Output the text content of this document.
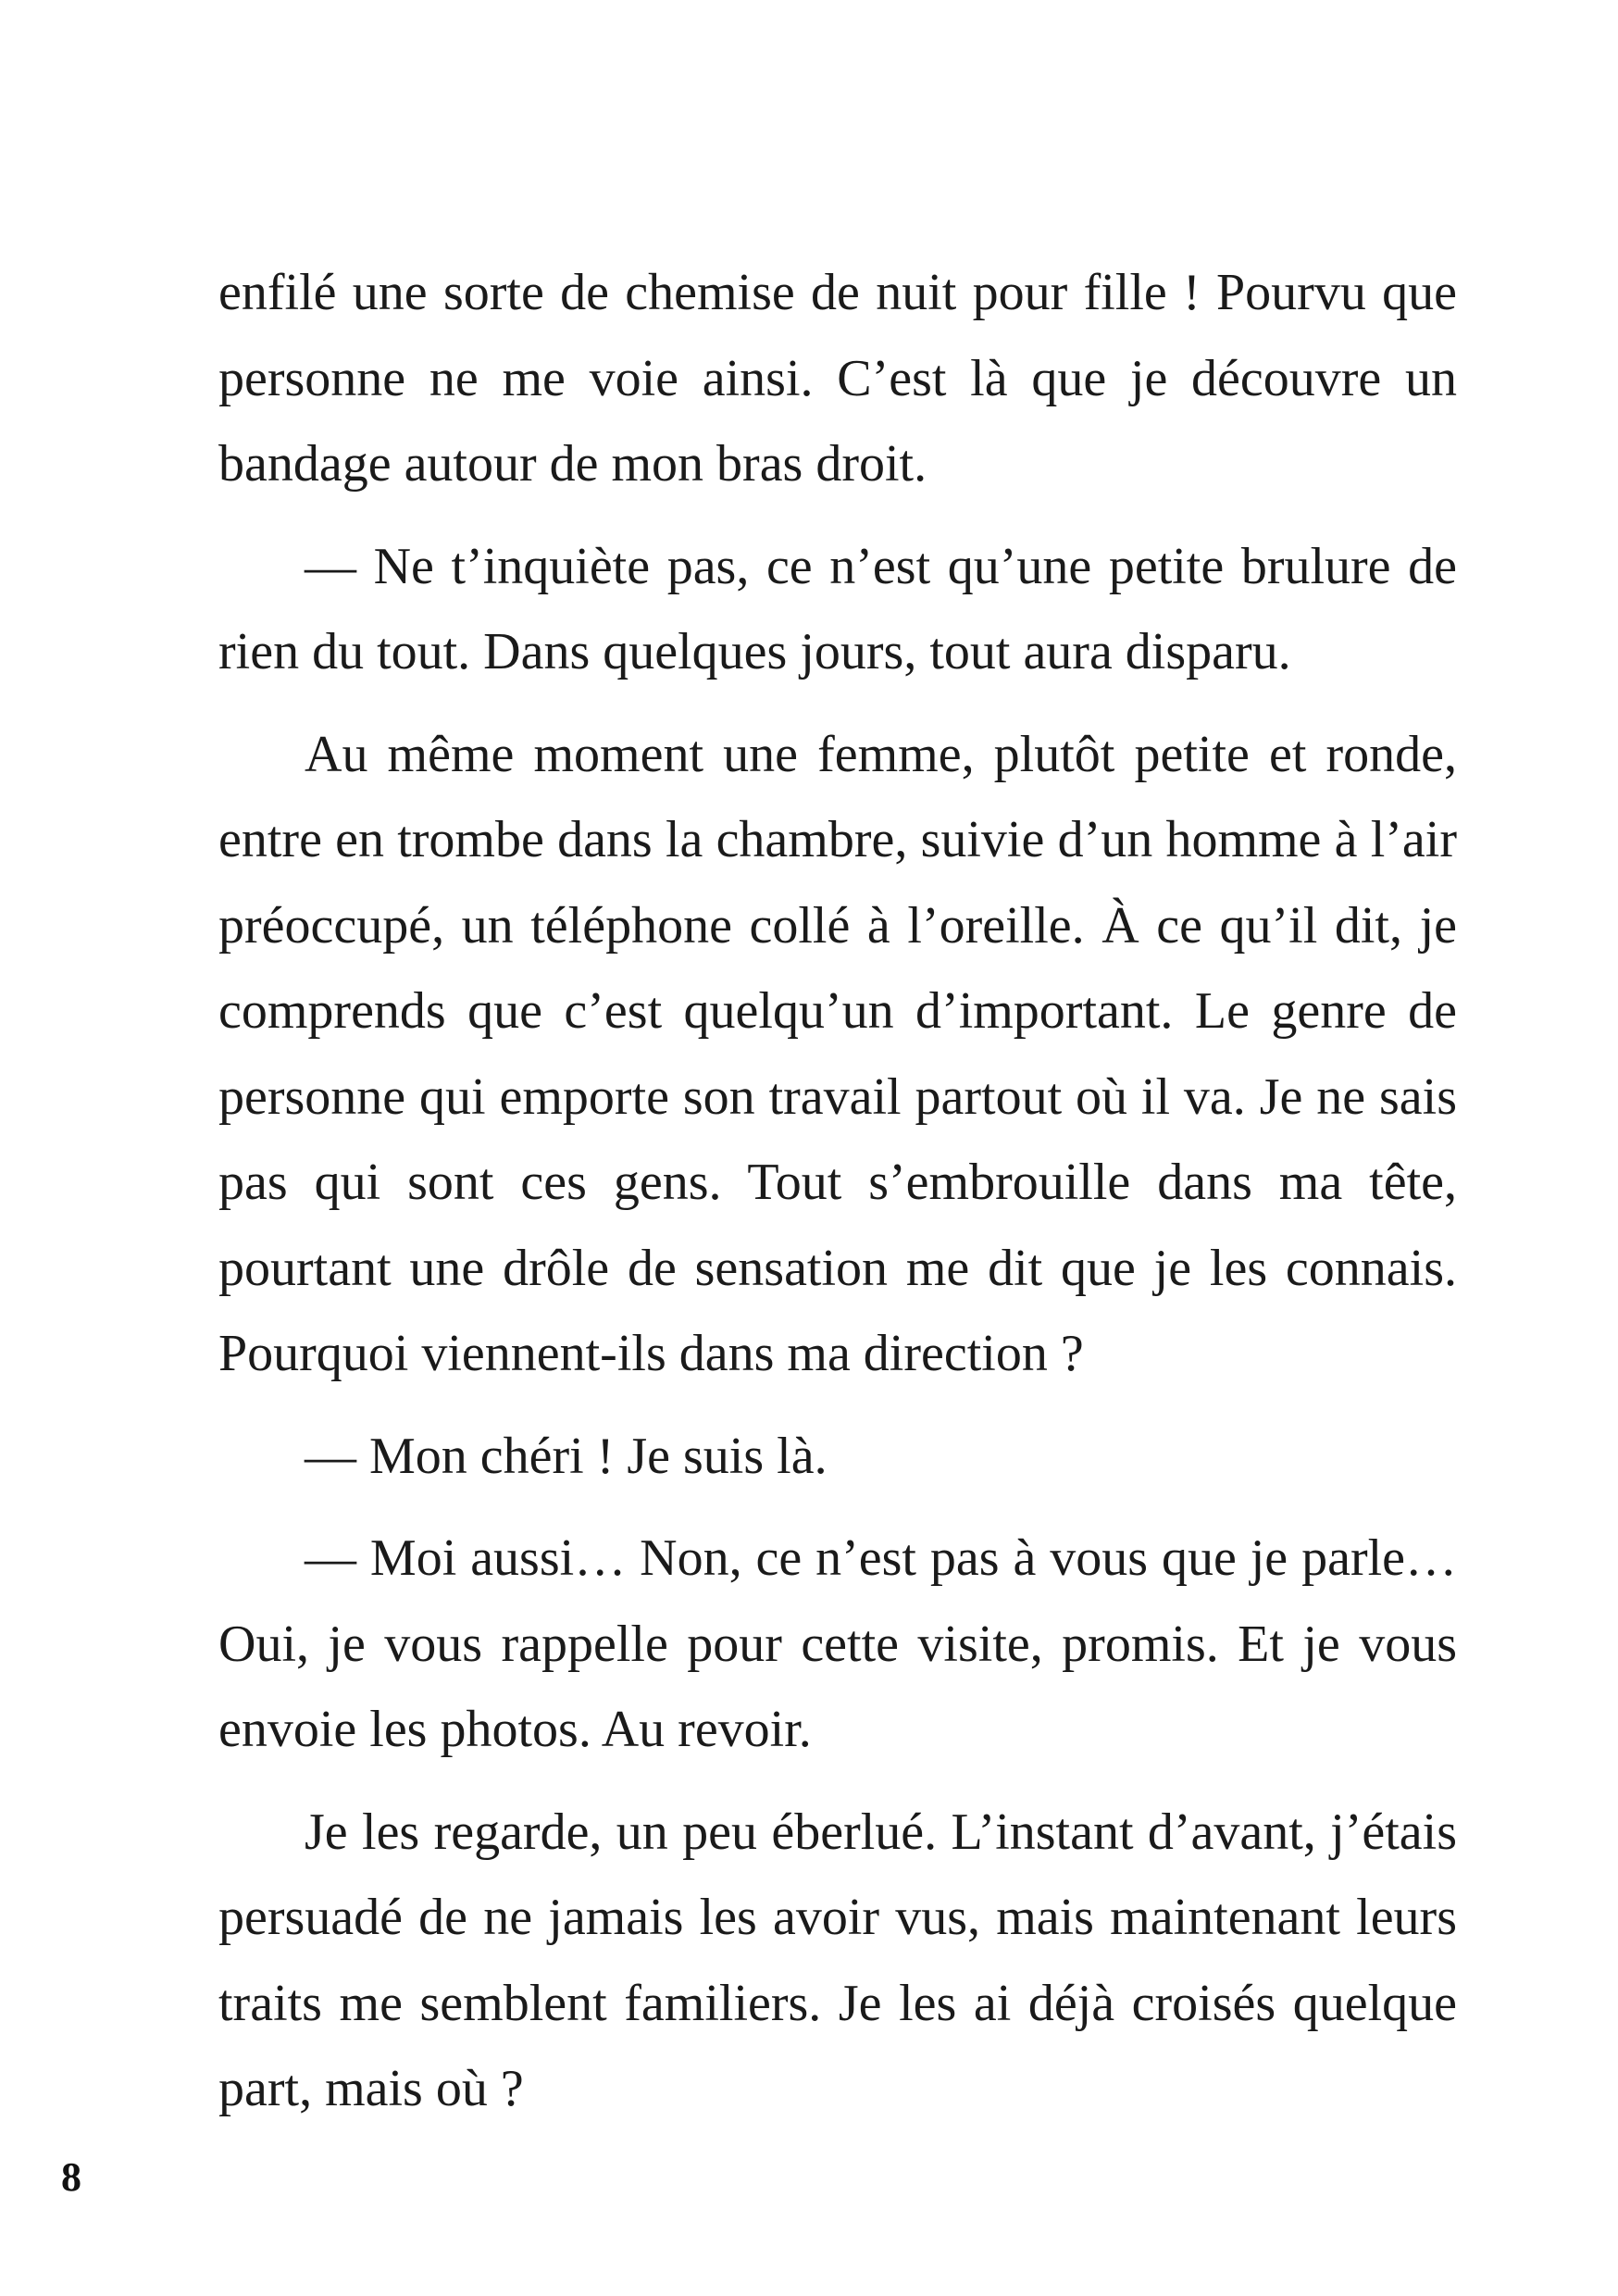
enfilé une sorte de chemise de nuit pour fille ! Pourvu que personne ne me voie ainsi. C’est là que je découvre un bandage autour de mon bras droit.

— Ne t’inquiète pas, ce n’est qu’une petite brulure de rien du tout. Dans quelques jours, tout aura disparu.

Au même moment une femme, plutôt petite et ronde, entre en trombe dans la chambre, suivie d’un homme à l’air préoccupé, un téléphone collé à l’oreille. À ce qu’il dit, je comprends que c’est quelqu’un d’important. Le genre de personne qui emporte son travail partout où il va. Je ne sais pas qui sont ces gens. Tout s’embrouille dans ma tête, pourtant une drôle de sensation me dit que je les connais. Pourquoi viennent-ils dans ma direction ?

— Mon chéri ! Je suis là.

— Moi aussi… Non, ce n’est pas à vous que je parle… Oui, je vous rappelle pour cette visite, promis. Et je vous envoie les photos. Au revoir.

Je les regarde, un peu éberlué. L’instant d’avant, j’étais persuadé de ne jamais les avoir vus, mais maintenant leurs traits me semblent familiers. Je les ai déjà croisés quelque part, mais où ?

8
